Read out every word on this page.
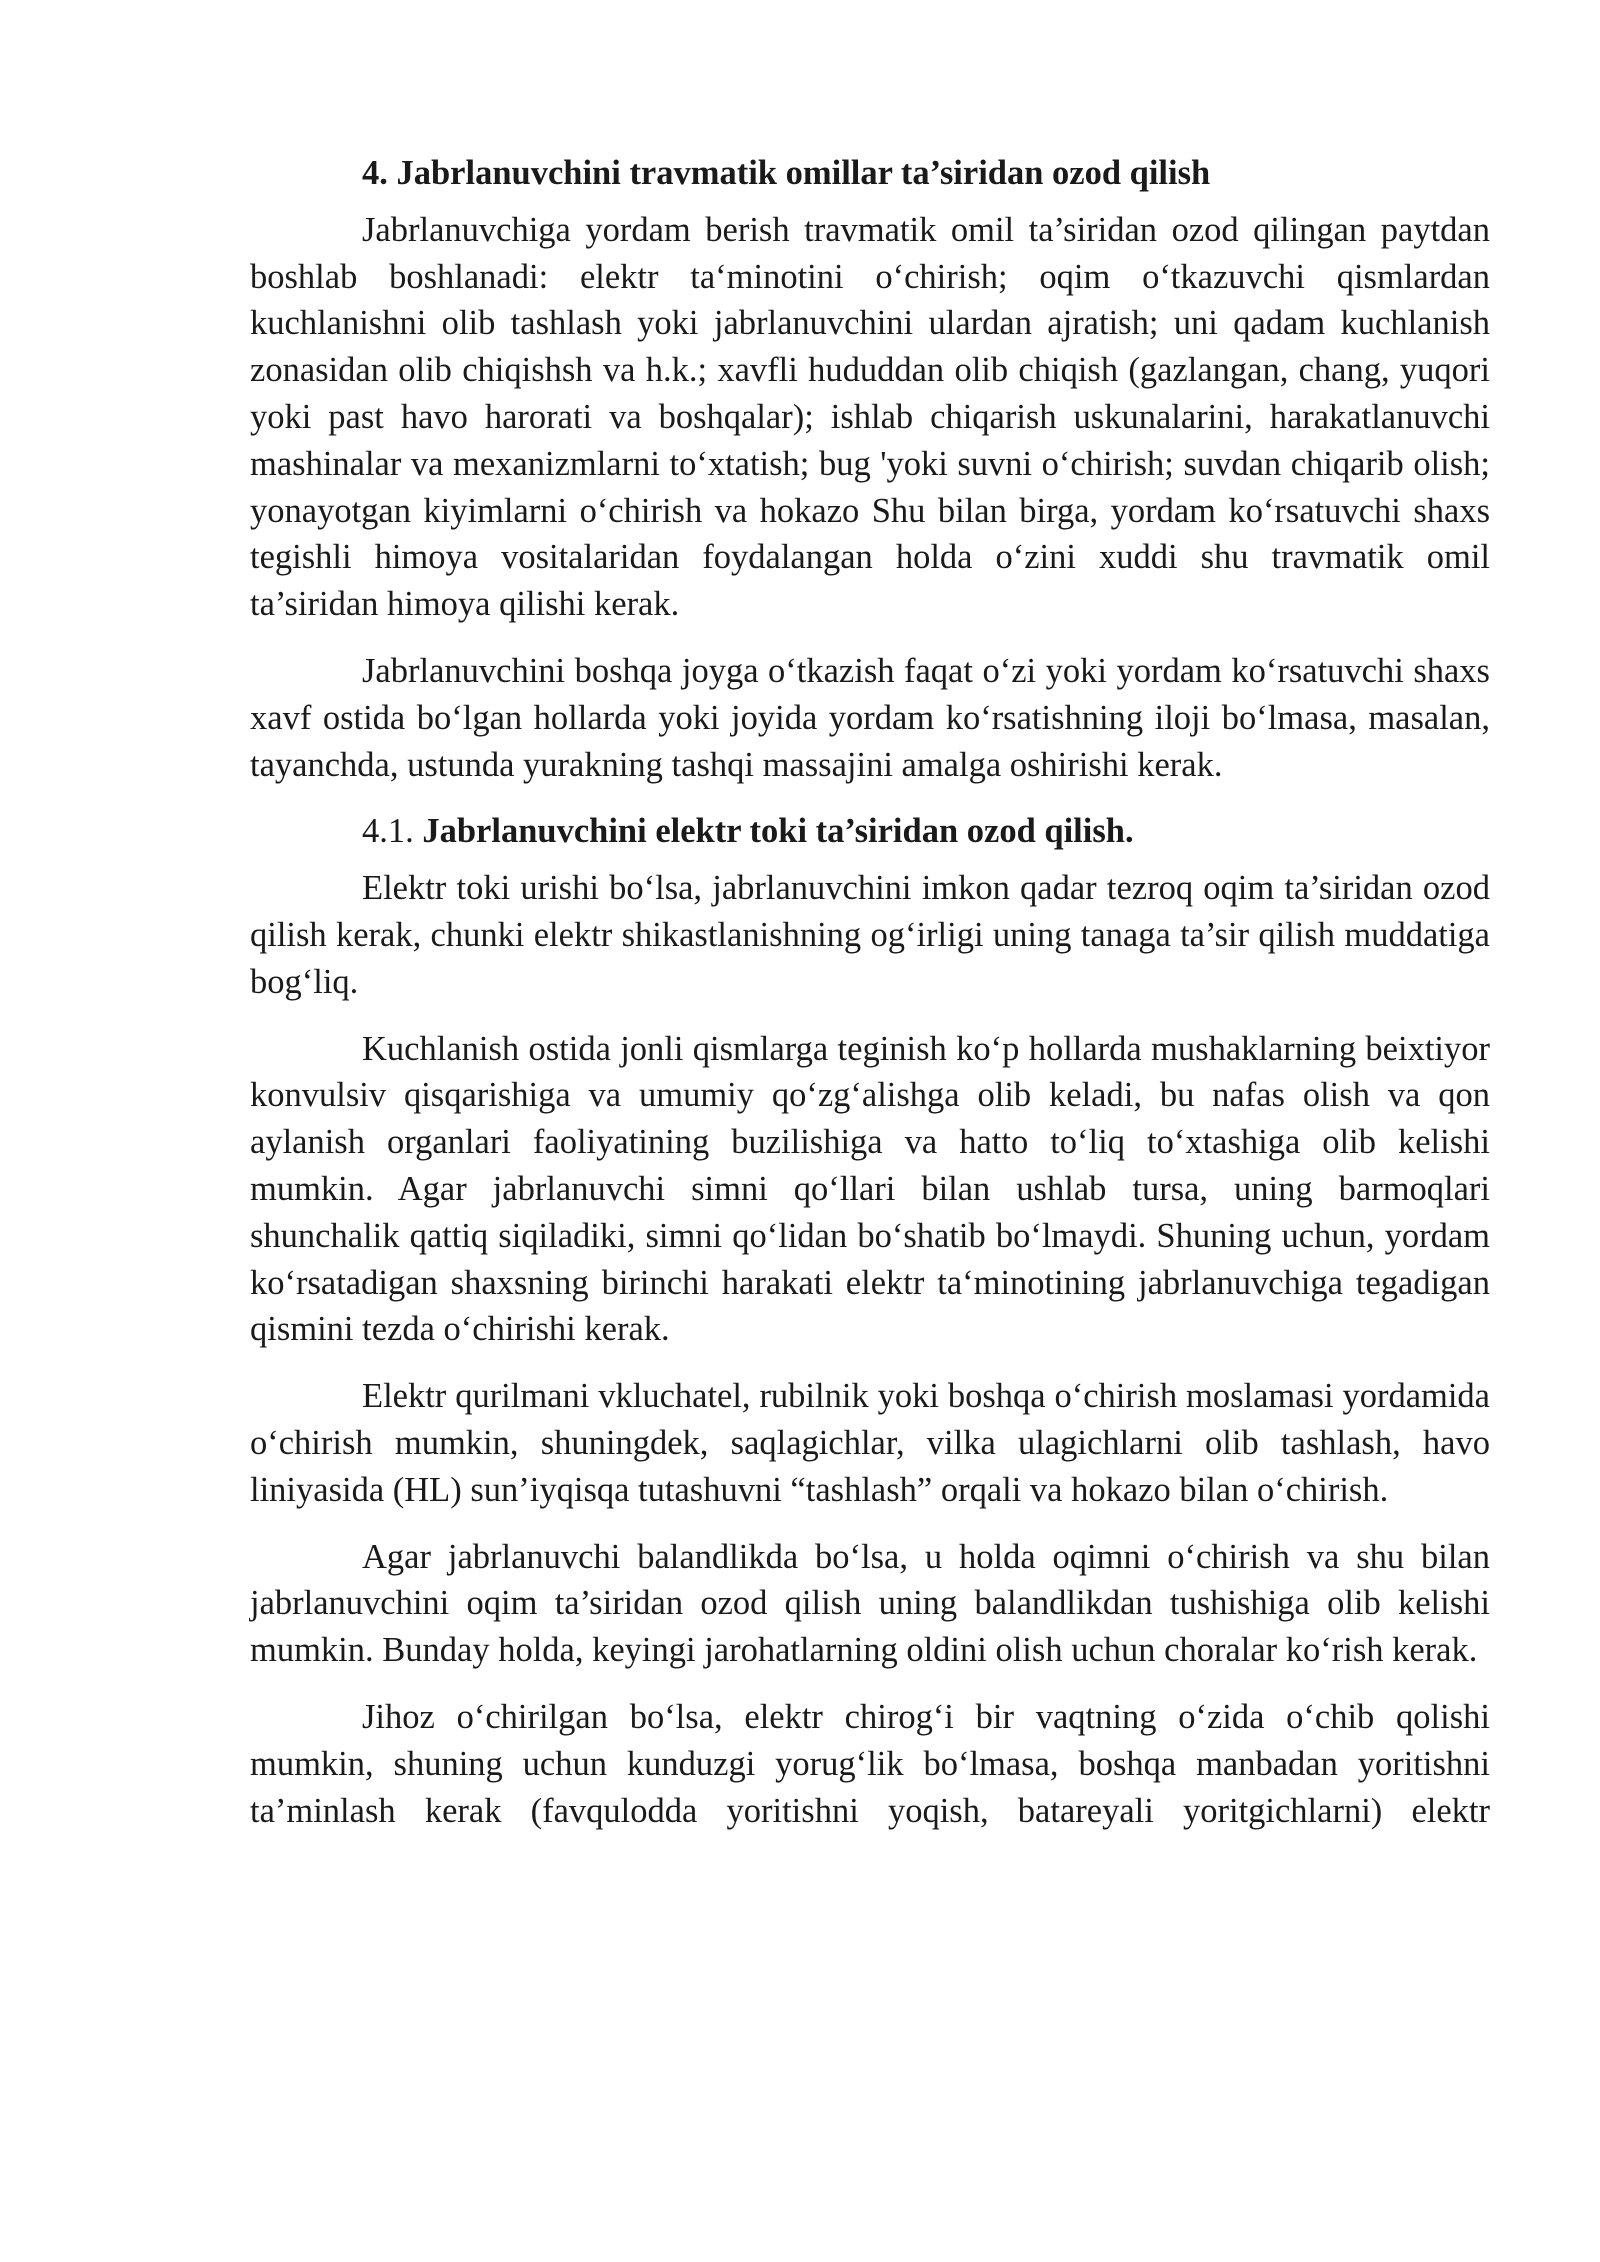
4. Jabrlanuvchini travmatik omillar ta’siridan ozod qilish

Jabrlanuvchiga yordam berish travmatik omil ta’siridan ozod qilingan paytdan boshlab boshlanadi: elektr ta‘minotini o‘chirish; oqim o‘tkazuvchi qismlardan kuchlanishni olib tashlash yoki jabrlanuvchini ulardan ajratish; uni qadam kuchlanish zonasidan olib chiqishsh va h.k.; xavfli hududdan olib chiqish (gazlangan, chang, yuqori yoki past havo harorati va boshqalar); ishlab chiqarish uskunalarini, harakatlanuvchi mashinalar va mexanizmlarni to‘xtatish; bug 'yoki suvni o‘chirish; suvdan chiqarib olish; yonayotgan kiyimlarni o‘chirish va hokazo Shu bilan birga, yordam ko‘rsatuvchi shaxs tegishli himoya vositalaridan foydalangan holda o‘zini xuddi shu travmatik omil ta’siridan himoya qilishi kerak.

Jabrlanuvchini boshqa joyga o‘tkazish faqat o‘zi yoki yordam ko‘rsatuvchi shaxs xavf ostida bo‘lgan hollarda yoki joyida yordam ko‘rsatishning iloji bo‘lmasa, masalan, tayanchda, ustunda yurakning tashqi massajini amalga oshirishi kerak.

4.1. Jabrlanuvchini elektr toki ta’siridan ozod qilish.

Elektr toki urishi bo‘lsa, jabrlanuvchini imkon qadar tezroq oqim ta’siridan ozod qilish kerak, chunki elektr shikastlanishning og‘irligi uning tanaga ta’sir qilish muddatiga bog‘liq.

Kuchlanish ostida jonli qismlarga teginish ko‘p hollarda mushaklarning beixtiyor konvulsiv qisqarishiga va umumiy qo‘zg‘alishga olib keladi, bu nafas olish va qon aylanish organlari faoliyatining buzilishiga va hatto to‘liq to‘xtashiga olib kelishi mumkin. Agar jabrlanuvchi simni qo‘llari bilan ushlab tursa, uning barmoqlari shunchalik qattiq siqiladiki, simni qo‘lidan bo‘shatib bo‘lmaydi. Shuning uchun, yordam ko‘rsatadigan shaxsning birinchi harakati elektr ta‘minotining jabrlanuvchiga tegadigan qismini tezda o‘chirishi kerak.

Elektr qurilmani vkluchatel, rubilnik yoki boshqa o‘chirish moslamasi yordamida o‘chirish mumkin, shuningdek, saqlagichlar, vilka ulagichlarni olib tashlash, havo liniyasida (HL) sun’iyqisqa tutashuvni “tashlash” orqali va hokazo bilan o‘chirish.

Agar jabrlanuvchi balandlikda bo‘lsa, u holda oqimni o‘chirish va shu bilan jabrlanuvchini oqim ta’siridan ozod qilish uning balandlikdan tushishiga olib kelishi mumkin. Bunday holda, keyingi jarohatlarning oldini olish uchun choralar ko‘rish kerak.

Jihoz o‘chirilgan bo‘lsa, elektr chirog‘i bir vaqtning o‘zida o‘chib qolishi mumkin, shuning uchun kunduzgi yorug‘lik bo‘lmasa, boshqa manbadan yoritishni ta’minlash kerak (favqulodda yoritishni yoqish, batareyali yoritgichlarni) elektr
